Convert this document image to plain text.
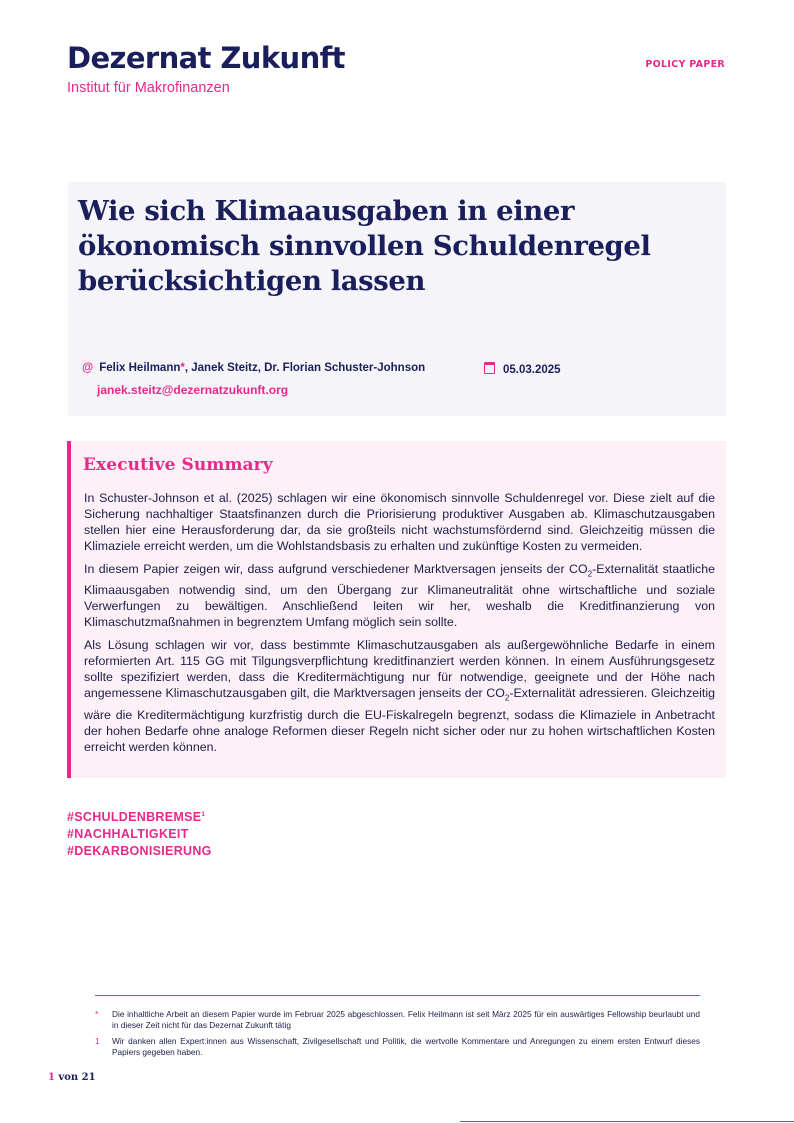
Dezernat Zukunft
Institut für Makrofinanzen
POLICY PAPER
Wie sich Klimaausgaben in einer ökonomisch sinnvollen Schuldenregel berücksichtigen lassen
@ Felix Heilmann*, Janek Steitz, Dr. Florian Schuster-Johnson	05.03.2025
janek.steitz@dezernatzukunft.org
Executive Summary

In Schuster-Johnson et al. (2025) schlagen wir eine ökonomisch sinnvolle Schuldenregel vor. Diese zielt auf die Sicherung nachhaltiger Staatsfinanzen durch die Priorisierung produktiver Ausgaben ab. Klimaschutzausgaben stellen hier eine Herausforderung dar, da sie großteils nicht wachstumsfördernd sind. Gleichzeitig müssen die Klimaziele erreicht werden, um die Wohlstandsbasis zu erhalten und zukünftige Kosten zu vermeiden.

In diesem Papier zeigen wir, dass aufgrund verschiedener Marktversagen jenseits der $CO_2$-Externalität staatliche Klimaausgaben notwendig sind, um den Übergang zur Klimaneutralität ohne wirtschaftliche und soziale Verwerfungen zu bewältigen. Anschließend leiten wir her, weshalb die Kreditfinanzierung von Klimaschutzmaßnahmen in begrenztem Umfang möglich sein sollte.

Als Lösung schlagen wir vor, dass bestimmte Klimaschutzausgaben als außergewöhnliche Bedarfe in einem reformierten Art. 115 GG mit Tilgungsverpflichtung kreditfinanziert werden können. In einem Ausführungsgesetz sollte spezifiziert werden, dass die Kreditermächtigung nur für notwendige, geeignete und der Höhe nach angemessene Klimaschutzausgaben gilt, die Marktversagen jenseits der $CO_2$-Externalität adressieren. Gleichzeitig wäre die Kreditermächtigung kurzfristig durch die EU-Fiskalregeln begrenzt, sodass die Klimaziele in Anbetracht der hohen Bedarfe ohne analoge Reformen dieser Regeln nicht sicher oder nur zu hohen wirtschaftlichen Kosten erreicht werden können.

#SCHULDENBREMSE$^1$
#NACHHALTIGKEIT
#DEKARBONISIERUNG
* Die inhaltliche Arbeit an diesem Papier wurde im Februar 2025 abgeschlossen. Felix Heilmann ist seit März 2025 für ein auswärtiges Fellowship beurlaubt und in dieser Zeit nicht für das Dezernat Zukunft tätig
1 Wir danken allen Expert:innen aus Wissenschaft, Zivilgesellschaft und Politik, die wertvolle Kommentare und Anregungen zu einem ersten Entwurf dieses Papiers gegeben haben.
1 von 21
